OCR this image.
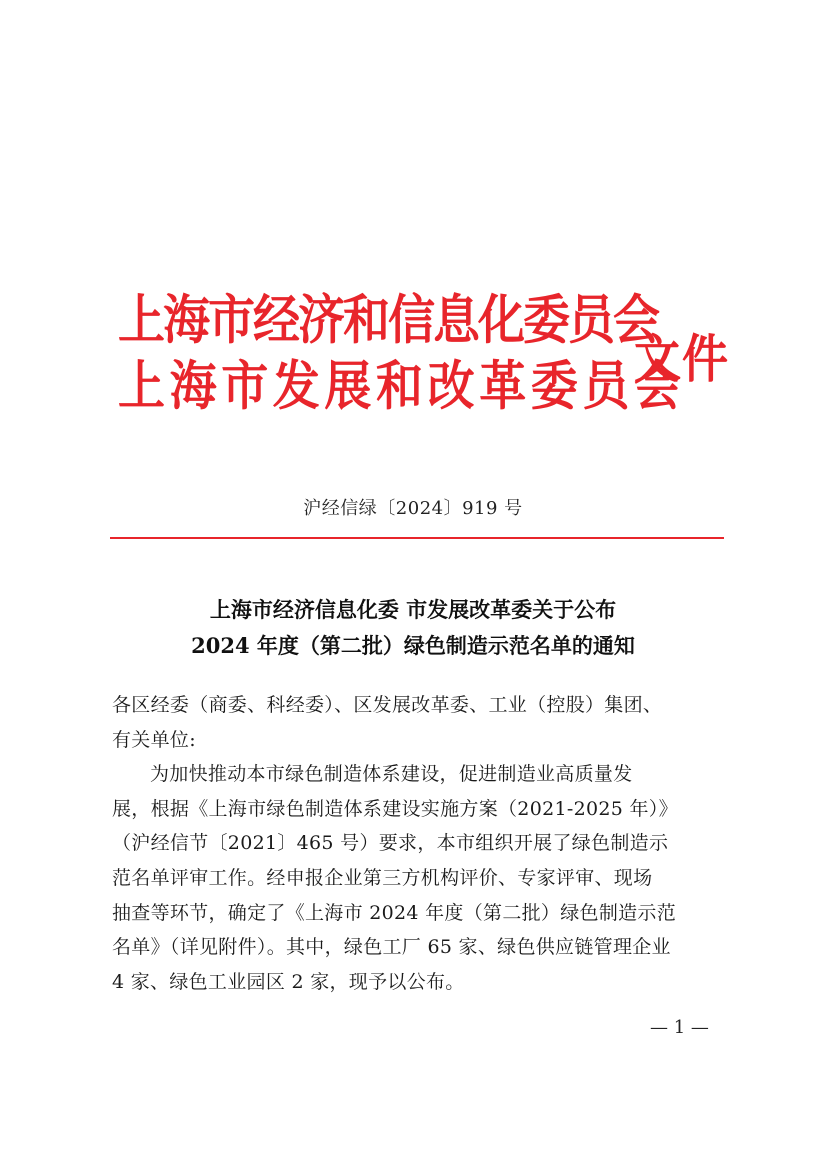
上海市经济和信息化委员会
上海市发展和改革委员会
文件
沪经信绿〔2024〕919 号
上海市经济信息化委 市发展改革委关于公布
2024 年度（第二批）绿色制造示范名单的通知

各区经委（商委、科经委）、区发展改革委、工业（控股）集团、
有关单位:

为加快推动本市绿色制造体系建设，促进制造业高质量发
展，根据《上海市绿色制造体系建设实施方案（2021-2025 年）》
（沪经信节〔2021〕465 号）要求，本市组织开展了绿色制造示
范名单评审工作。经申报企业第三方机构评价、专家评审、现场
抽查等环节，确定了《上海市 2024 年度（第二批）绿色制造示范
名单》（详见附件）。其中，绿色工厂 65 家、绿色供应链管理企业
4 家、绿色工业园区 2 家，现予以公布。

— 1 —
